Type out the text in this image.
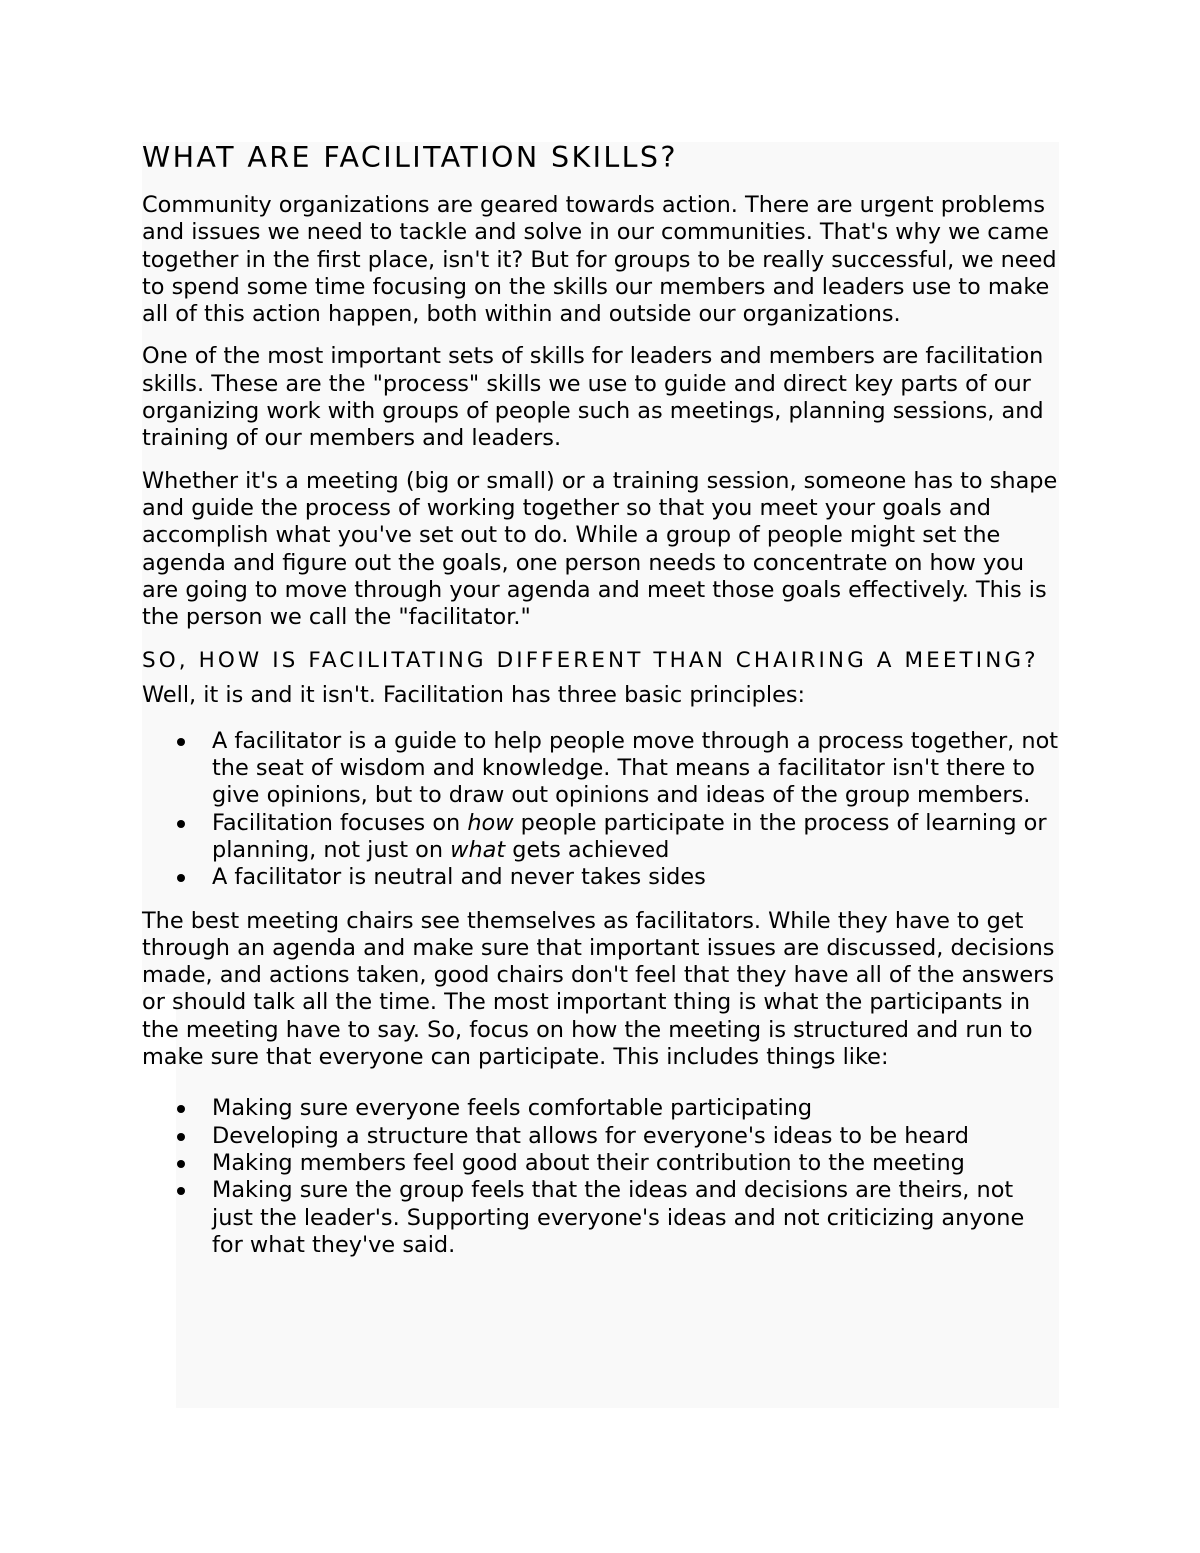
WHAT ARE FACILITATION SKILLS?

Community organizations are geared towards action. There are urgent problems and issues we need to tackle and solve in our communities. That's why we came together in the first place, isn't it? But for groups to be really successful, we need to spend some time focusing on the skills our members and leaders use to make all of this action happen, both within and outside our organizations.

One of the most important sets of skills for leaders and members are facilitation skills. These are the "process" skills we use to guide and direct key parts of our organizing work with groups of people such as meetings, planning sessions, and training of our members and leaders.

Whether it's a meeting (big or small) or a training session, someone has to shape and guide the process of working together so that you meet your goals and accomplish what you've set out to do. While a group of people might set the agenda and figure out the goals, one person needs to concentrate on how you are going to move through your agenda and meet those goals effectively. This is the person we call the "facilitator."

SO, HOW IS FACILITATING DIFFERENT THAN CHAIRING A MEETING?

Well, it is and it isn't. Facilitation has three basic principles:

A facilitator is a guide to help people move through a process together, not the seat of wisdom and knowledge. That means a facilitator isn't there to give opinions, but to draw out opinions and ideas of the group members.
Facilitation focuses on how people participate in the process of learning or planning, not just on what gets achieved
A facilitator is neutral and never takes sides

The best meeting chairs see themselves as facilitators. While they have to get through an agenda and make sure that important issues are discussed, decisions made, and actions taken, good chairs don't feel that they have all of the answers or should talk all the time. The most important thing is what the participants in the meeting have to say. So, focus on how the meeting is structured and run to make sure that everyone can participate. This includes things like:

Making sure everyone feels comfortable participating
Developing a structure that allows for everyone's ideas to be heard
Making members feel good about their contribution to the meeting
Making sure the group feels that the ideas and decisions are theirs, not just the leader's. Supporting everyone's ideas and not criticizing anyone for what they've said.
